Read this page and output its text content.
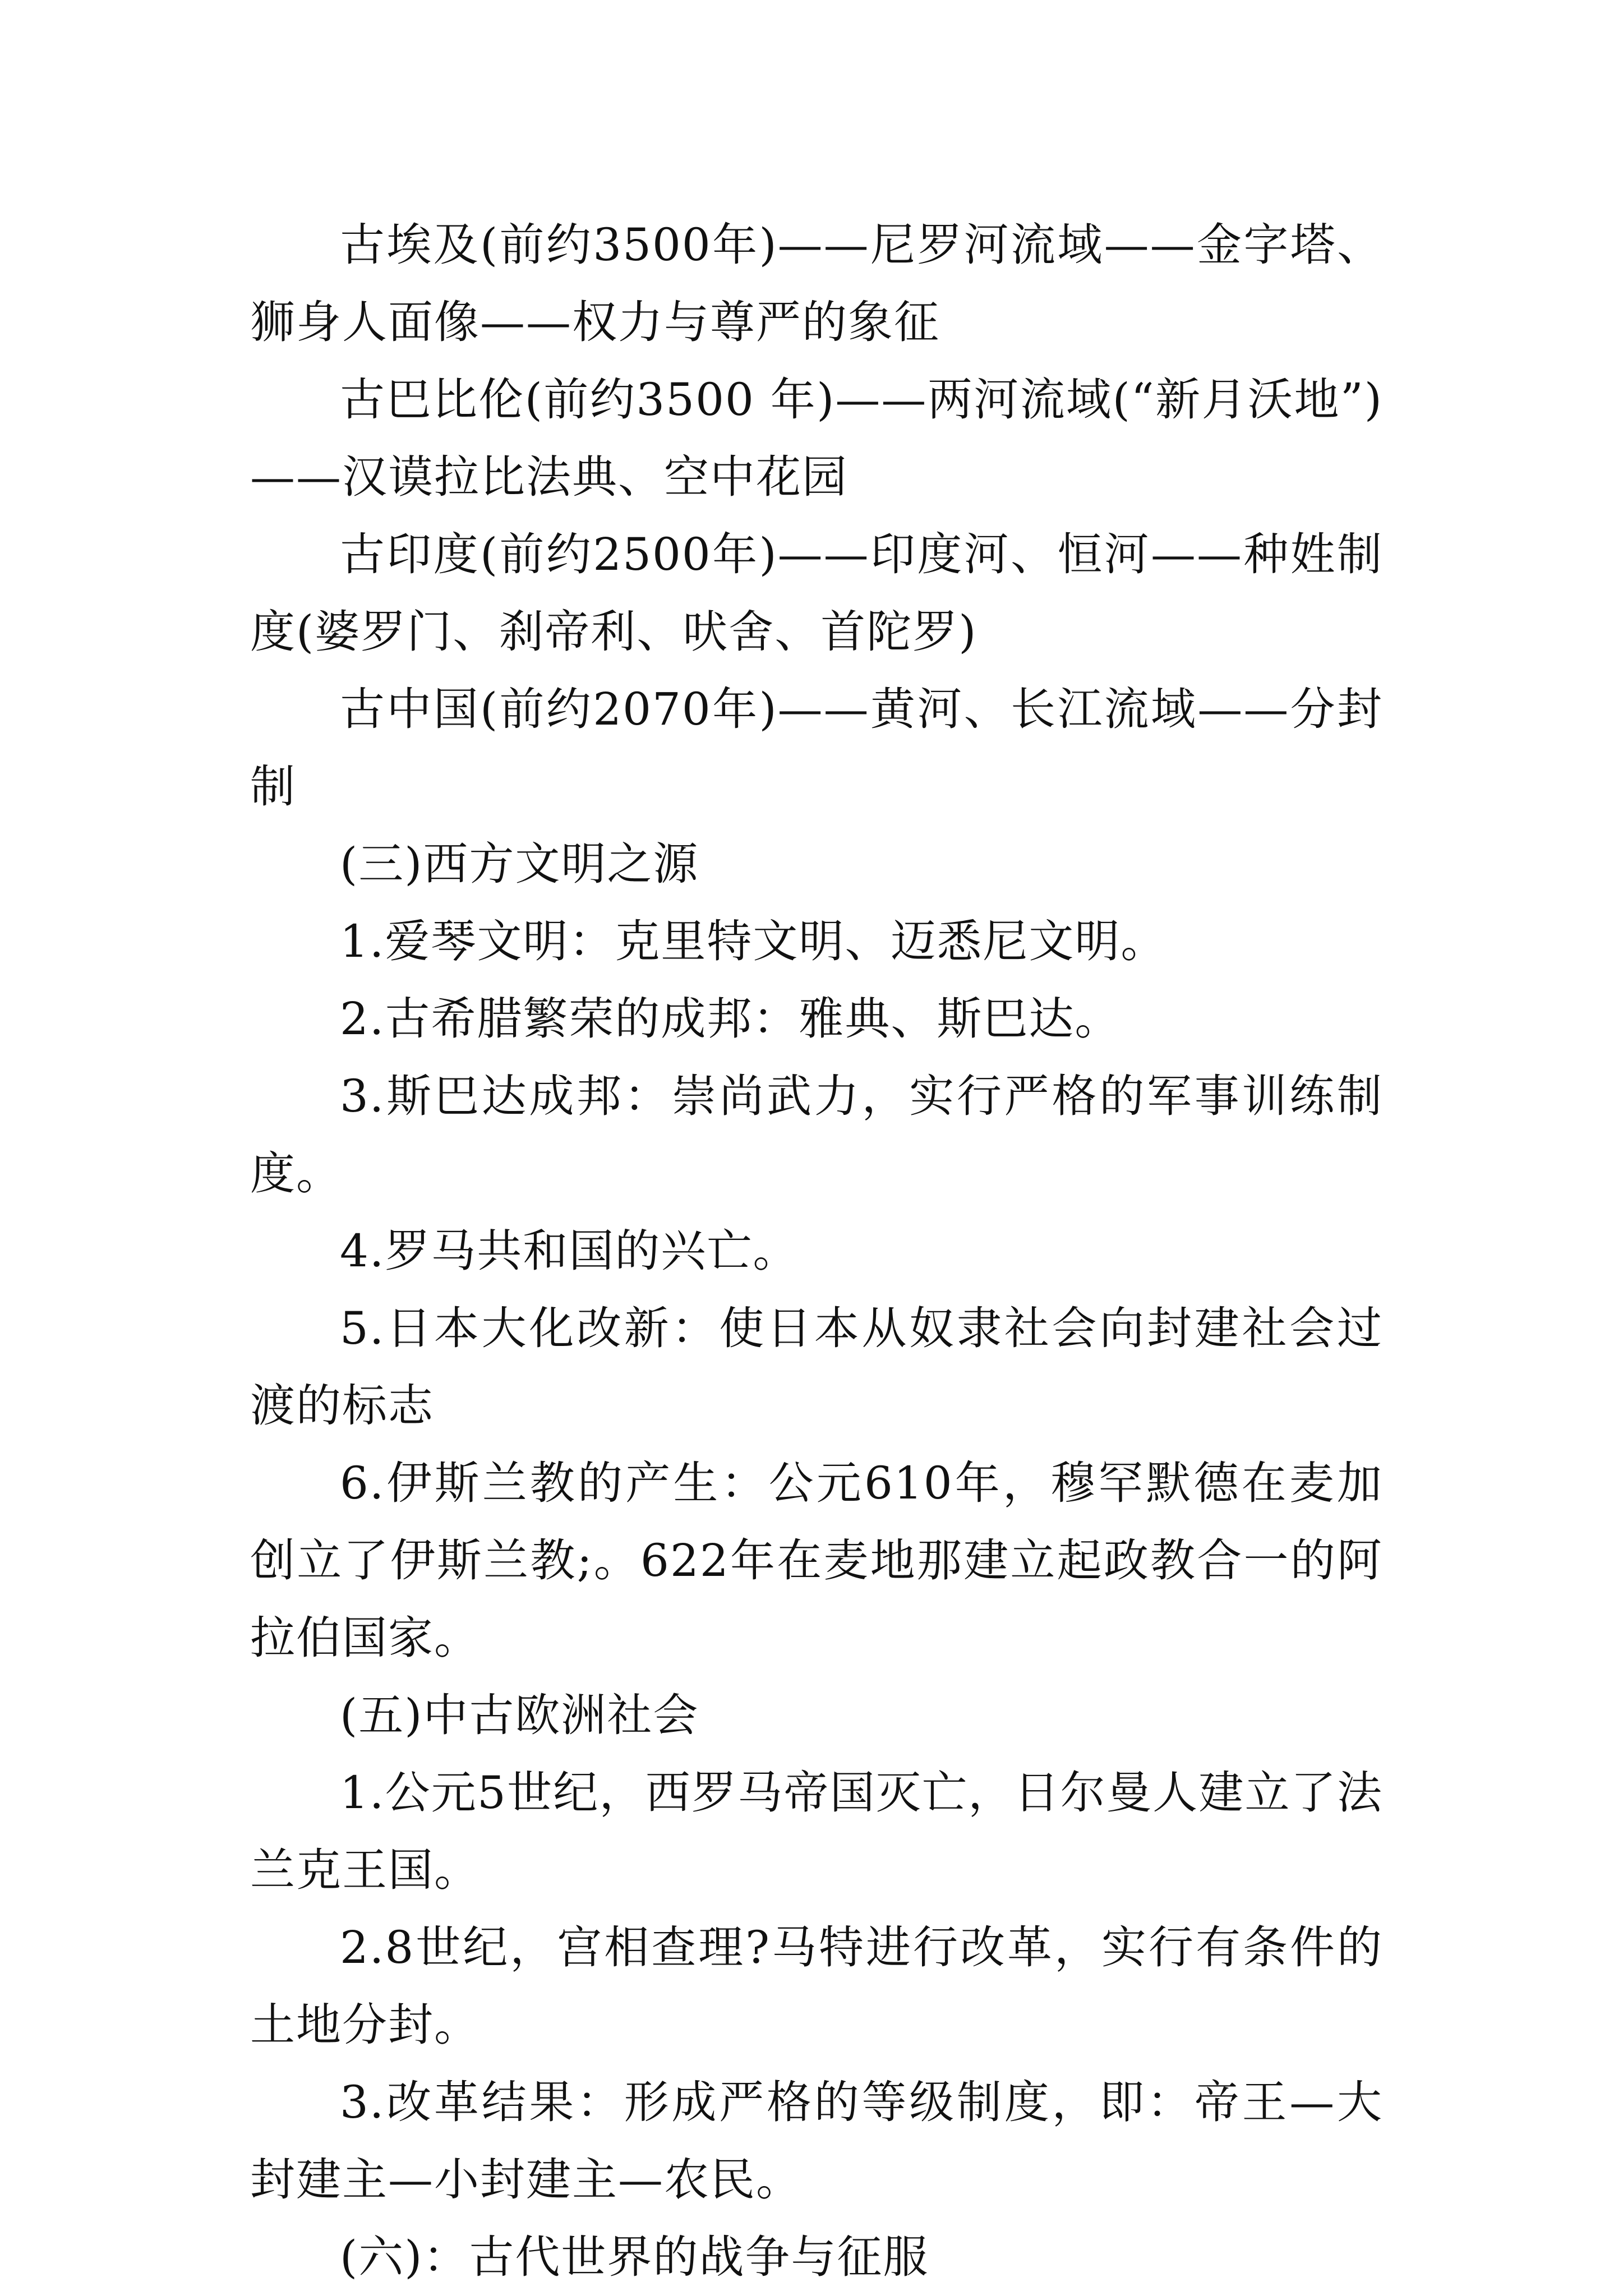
古埃及(前约3500年)——尼罗河流域——金字塔、狮身人面像——权力与尊严的象征

古巴比伦(前约3500 年)——两河流域(“新月沃地”)——汉谟拉比法典、空中花园

古印度(前约2500年)——印度河、恒河——种姓制度(婆罗门、刹帝利、吠舍、首陀罗)

古中国(前约2070年)——黄河、长江流域——分封制

(三)西方文明之源

1.爱琴文明：克里特文明、迈悉尼文明。

2.古希腊繁荣的成邦：雅典、斯巴达。

3.斯巴达成邦：崇尚武力，实行严格的军事训练制度。

4.罗马共和国的兴亡。

5.日本大化改新：使日本从奴隶社会向封建社会过渡的标志

6.伊斯兰教的产生：公元610年，穆罕默德在麦加创立了伊斯兰教;。622年在麦地那建立起政教合一的阿拉伯国家。

(五)中古欧洲社会

1.公元5世纪，西罗马帝国灭亡，日尔曼人建立了法兰克王国。

2.8世纪，宫相查理?马特进行改革，实行有条件的土地分封。

3.改革结果：形成严格的等级制度，即：帝王—大封建主—小封建主—农民。

(六)：古代世界的战争与征服
